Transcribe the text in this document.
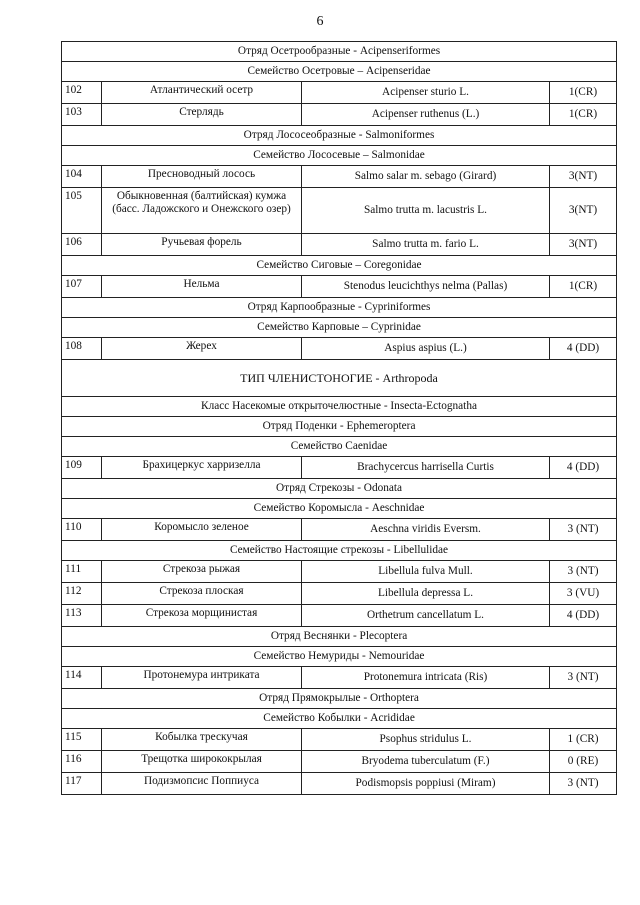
6
Отряд Осетрообразные - Acipenseriformes			
Семейство Осетровые – Acipenseridae			
102	Атлантический осетр	Acipenser sturio L.	1(CR)
103	Стерлядь	Acipenser ruthenus (L.)	1(CR)
Отряд Лососеобразные - Salmoniformes			
Семейство Лососевые – Salmonidae			
104	Пресноводный лосось	Salmo salar m. sebago (Girard)	3(NT)
105	Обыкновенная (балтийская) кумжа (басс. Ладожского и Онежского озер)	Salmo trutta m. lacustris L.	3(NT)
106	Ручьевая форель	Salmo trutta m. fario L.	3(NT)
Семейство Сиговые – Coregonidae			
107	Нельма	Stenodus leucichthys nelma (Pallas)	1(CR)
Отряд Карпообразные - Cypriniformes			
Семейство Карповые – Cyprinidae			
108	Жерех	Aspius aspius (L.)	4 (DD)
ТИП ЧЛЕНИСТОНОГИЕ - Arthropoda			
Класс Насекомые открыточелюстные - Insecta-Ectognatha			
Отряд Поденки - Ephemeroptera			
Семейство Caenidae			
109	Брахицеркус харризелла	Brachycercus harrisella Curtis	4 (DD)
Отряд Стрекозы - Odonata			
Семейство Коромысла - Aeschnidae			
110	Коромысло зеленое	Aeschna viridis Eversm.	3 (NT)
Семейство Настоящие стрекозы - Libellulidae			
111	Стрекоза рыжая	Libellula fulva Mull.	3 (NT)
112	Стрекоза плоская	Libellula depressa L.	3 (VU)
113	Стрекоза морщинистая	Orthetrum cancellatum L.	4 (DD)
Отряд Веснянки - Plecoptera			
Семейство Немуриды - Nemouridae			
114	Протонемура интриката	Protonemura intricata (Ris)	3 (NT)
Отряд Прямокрылые - Orthoptera			
Семейство Кобылки - Acrididae			
115	Кобылка трескучая	Psophus stridulus L.	1 (CR)
116	Трещотка ширококрылая	Bryodema tuberculatum (F.)	0 (RE)
117	Подизмопсис Поппиуса	Podismopsis poppiusi (Miram)	3 (NT)
